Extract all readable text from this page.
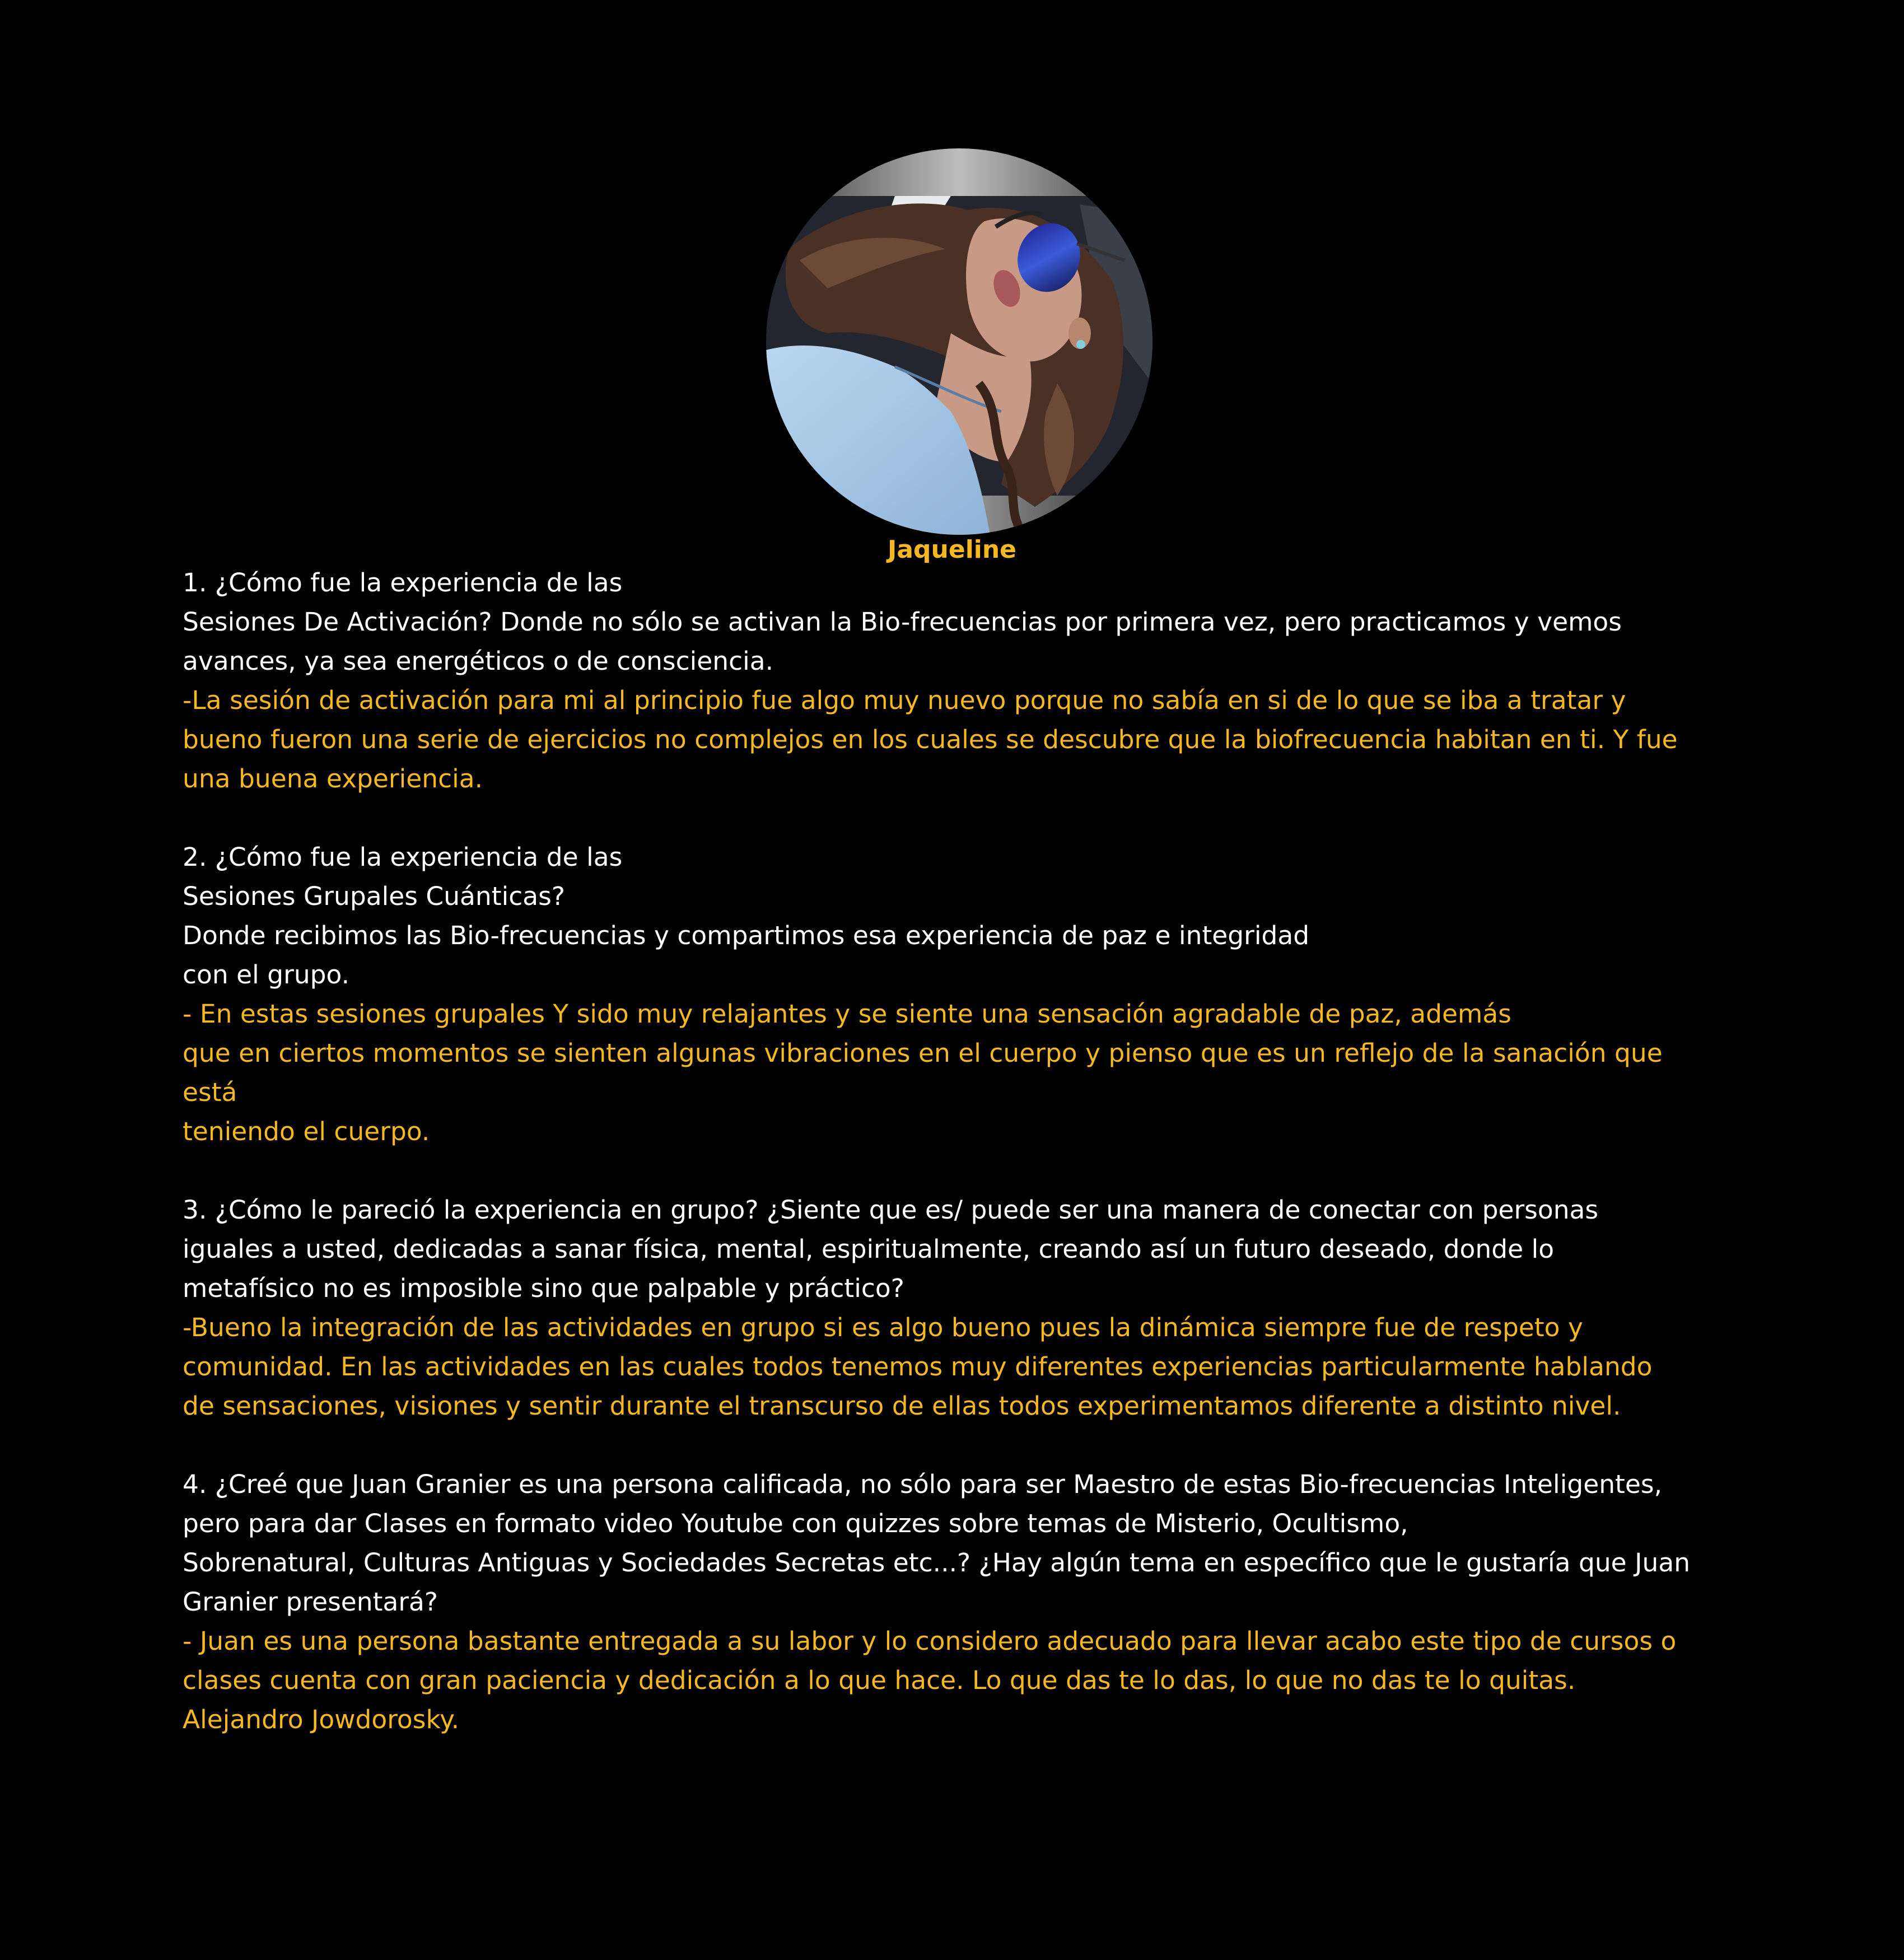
Jaqueline

1. ¿Cómo fue la experiencia de las

Sesiones De Activación? Donde no sólo se activan la Bio-frecuencias por primera vez, pero practicamos y vemos

avances, ya sea energéticos o de consciencia.

-La sesión de activación para mi al principio fue algo muy nuevo porque no sabía en si de lo que se iba a tratar y

bueno fueron una serie de ejercicios no complejos en los cuales se descubre que la biofrecuencia habitan en ti. Y fue

una buena experiencia.

2. ¿Cómo fue la experiencia de las

Sesiones Grupales Cuánticas?

Donde recibimos las Bio-frecuencias y compartimos esa experiencia de paz e integridad

con el grupo.

- En estas sesiones grupales Y sido muy relajantes y se siente una sensación agradable de paz, además

que en ciertos momentos se sienten algunas vibraciones en el cuerpo y pienso que es un reflejo de la sanación que

está

teniendo el cuerpo.

3. ¿Cómo le pareció la experiencia en grupo? ¿Siente que es/ puede ser una manera de conectar con personas

iguales a usted, dedicadas a sanar física, mental, espiritualmente, creando así un futuro deseado, donde lo

metafísico no es imposible sino que palpable y práctico?

-Bueno la integración de las actividades en grupo si es algo bueno pues la dinámica siempre fue de respeto y

comunidad. En las actividades en las cuales todos tenemos muy diferentes experiencias particularmente hablando

de sensaciones, visiones y sentir durante el transcurso de ellas todos experimentamos diferente a distinto nivel.

4. ¿Creé que Juan Granier es una persona calificada, no sólo para ser Maestro de estas Bio-frecuencias Inteligentes,

pero para dar Clases en formato video Youtube con quizzes sobre temas de Misterio, Ocultismo,

Sobrenatural, Culturas Antiguas y Sociedades Secretas etc...? ¿Hay algún tema en específico que le gustaría que Juan

Granier presentará?

- Juan es una persona bastante entregada a su labor y lo considero adecuado para llevar acabo este tipo de cursos o

clases cuenta con gran paciencia y dedicación a lo que hace. Lo que das te lo das, lo que no das te lo quitas.

Alejandro Jowdorosky.
